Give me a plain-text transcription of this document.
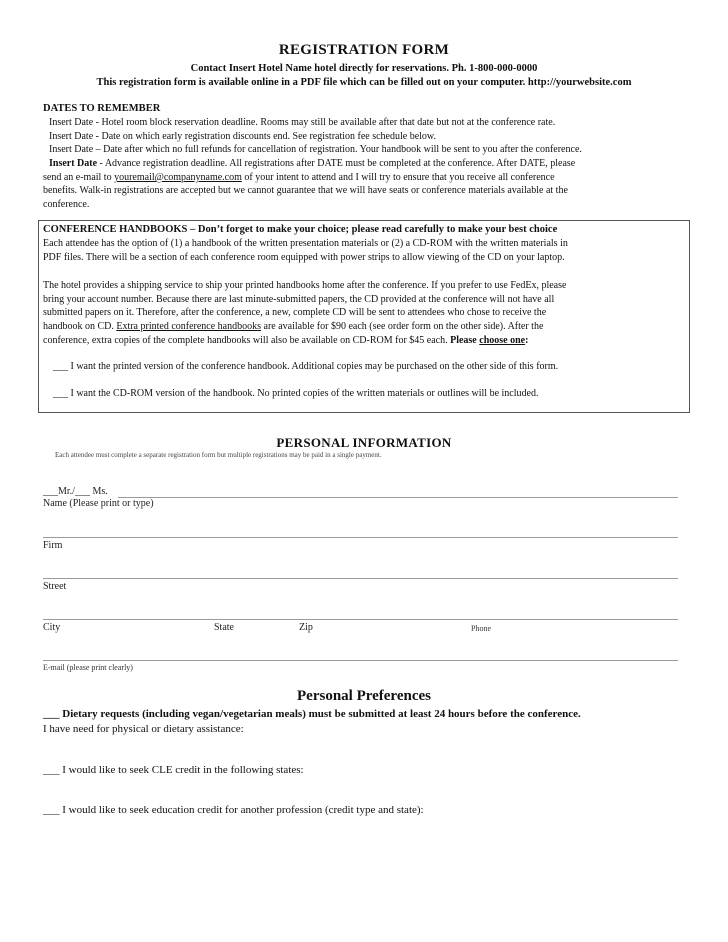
REGISTRATION FORM
Contact Insert Hotel Name hotel directly for reservations. Ph. 1-800-000-0000
This registration form is available online in a PDF file which can be filled out on your computer. http://yourwebsite.com
DATES TO REMEMBER
Insert Date - Hotel room block reservation deadline. Rooms may still be available after that date but not at the conference rate.
Insert Date - Date on which early registration discounts end. See registration fee schedule below.
Insert Date – Date after which no full refunds for cancellation of registration. Your handbook will be sent to you after the conference.
Insert Date - Advance registration deadline. All registrations after DATE must be completed at the conference. After DATE, please
send an e-mail to youremail@companyname.com of your intent to attend and I will try to ensure that you receive all conference
benefits. Walk-in registrations are accepted but we cannot guarantee that we will have seats or conference materials available at the
conference.
CONFERENCE HANDBOOKS – Don’t forget to make your choice; please read carefully to make your best choice
Each attendee has the option of (1) a handbook of the written presentation materials or (2) a CD-ROM with the written materials in
PDF files. There will be a section of each conference room equipped with power strips to allow viewing of the CD on your laptop.
The hotel provides a shipping service to ship your printed handbooks home after the conference. If you prefer to use FedEx, please
bring your account number. Because there are last minute-submitted papers, the CD provided at the conference will not have all
submitted papers on it. Therefore, after the conference, a new, complete CD will be sent to attendees who chose to receive the
handbook on CD. Extra printed conference handbooks are available for $90 each (see order form on the other side). After the
conference, extra copies of the complete handbooks will also be available on CD-ROM for $45 each. Please choose one:
___ I want the printed version of the conference handbook. Additional copies may be purchased on the other side of this form.
___ I want the CD-ROM version of the handbook. No printed copies of the written materials or outlines will be included.
PERSONAL INFORMATION
Each attendee must complete a separate registration form but multiple registrations may be paid in a single payment.
___Mr./___ Ms.
Name (Please print or type)
Firm
Street
City	State	Zip	Phone
E-mail (please print clearly)
Personal Preferences
___ Dietary requests (including vegan/vegetarian meals) must be submitted at least 24 hours before the conference.
I have need for physical or dietary assistance:
___ I would like to seek CLE credit in the following states:
___ I would like to seek education credit for another profession (credit type and state):
